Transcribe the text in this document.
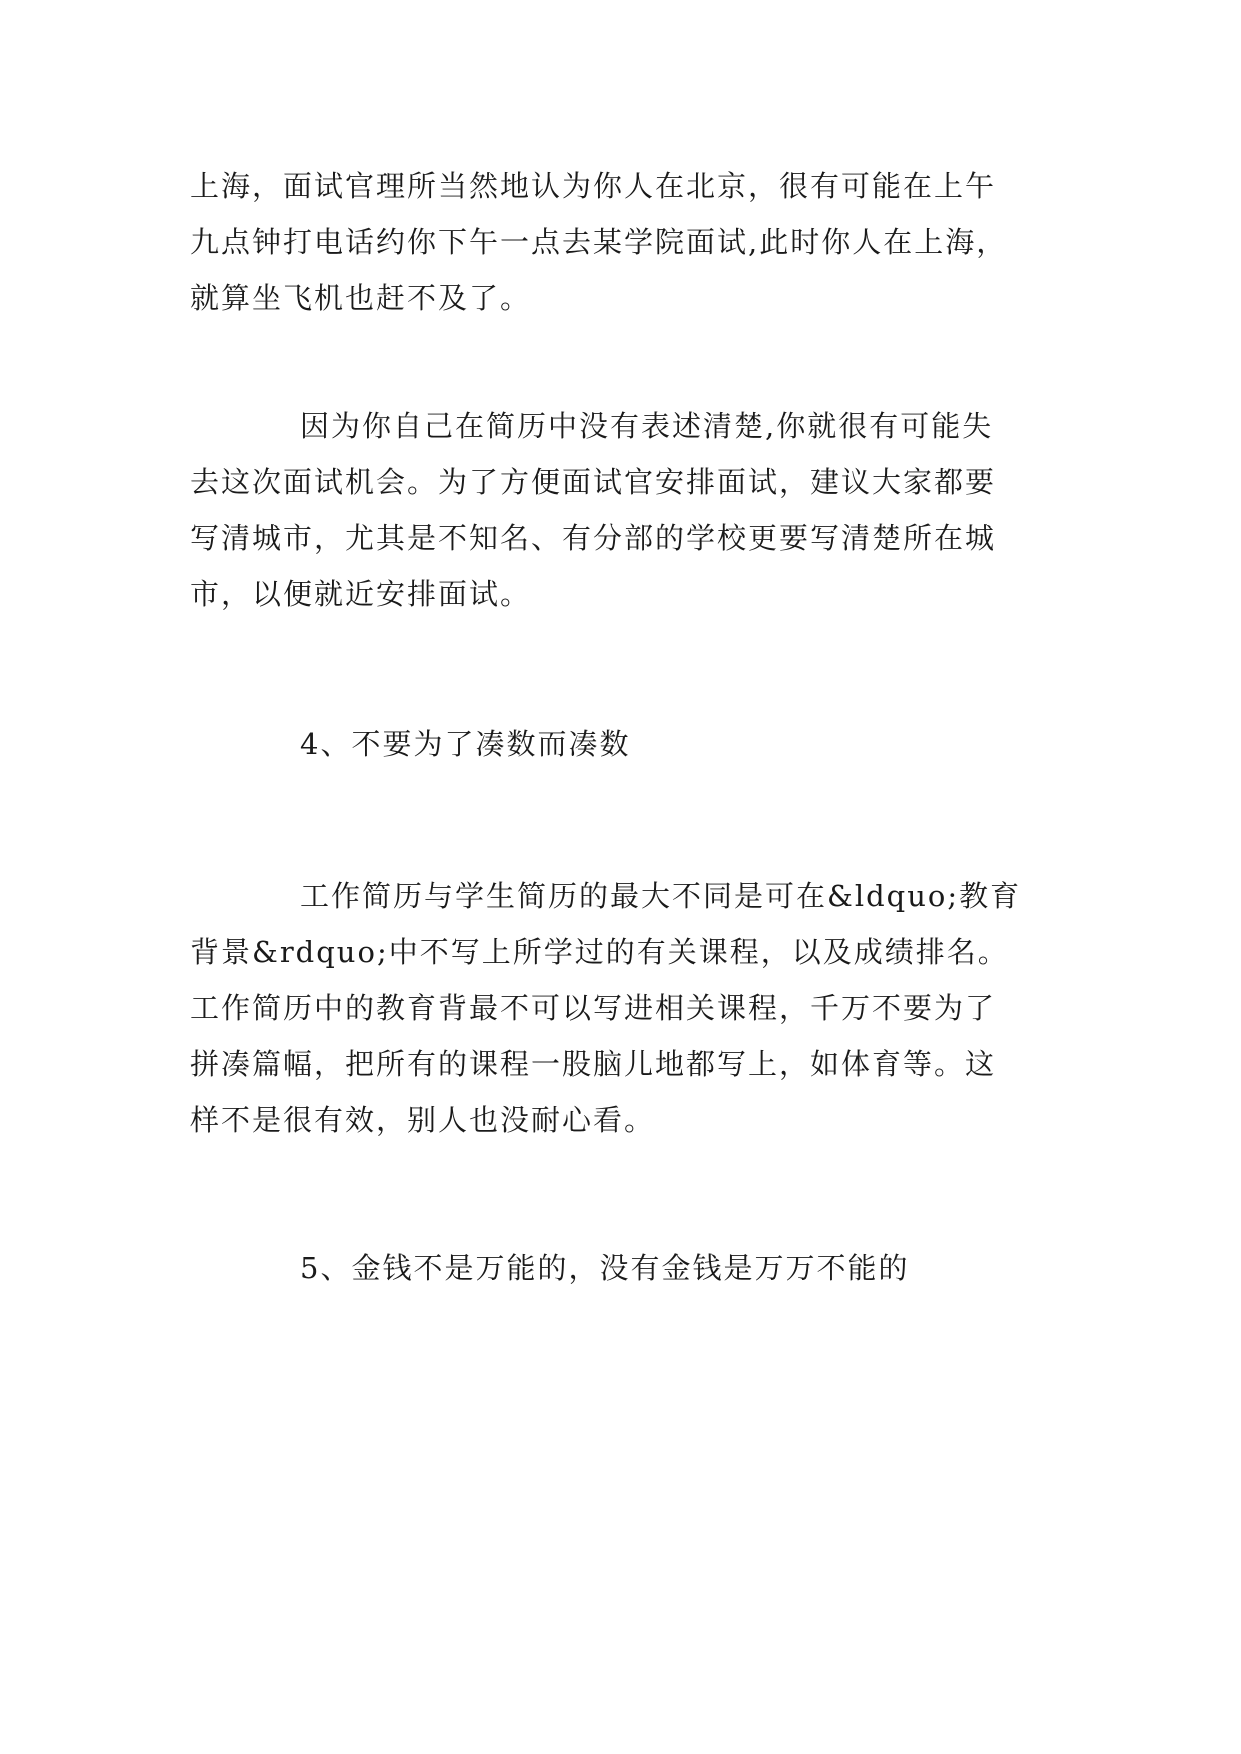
上海，面试官理所当然地认为你人在北京，很有可能在上午
九点钟打电话约你下午一点去某学院面试,此时你人在上海，
就算坐飞机也赶不及了。
因为你自己在简历中没有表述清楚,你就很有可能失
去这次面试机会。为了方便面试官安排面试，建议大家都要
写清城市，尤其是不知名、有分部的学校更要写清楚所在城
市，以便就近安排面试。
4、不要为了凑数而凑数
工作简历与学生简历的最大不同是可在&ldquo;教育
背景&rdquo;中不写上所学过的有关课程，以及成绩排名。
工作简历中的教育背最不可以写进相关课程，千万不要为了
拼凑篇幅，把所有的课程一股脑儿地都写上，如体育等。这
样不是很有效，别人也没耐心看。
5、金钱不是万能的，没有金钱是万万不能的
